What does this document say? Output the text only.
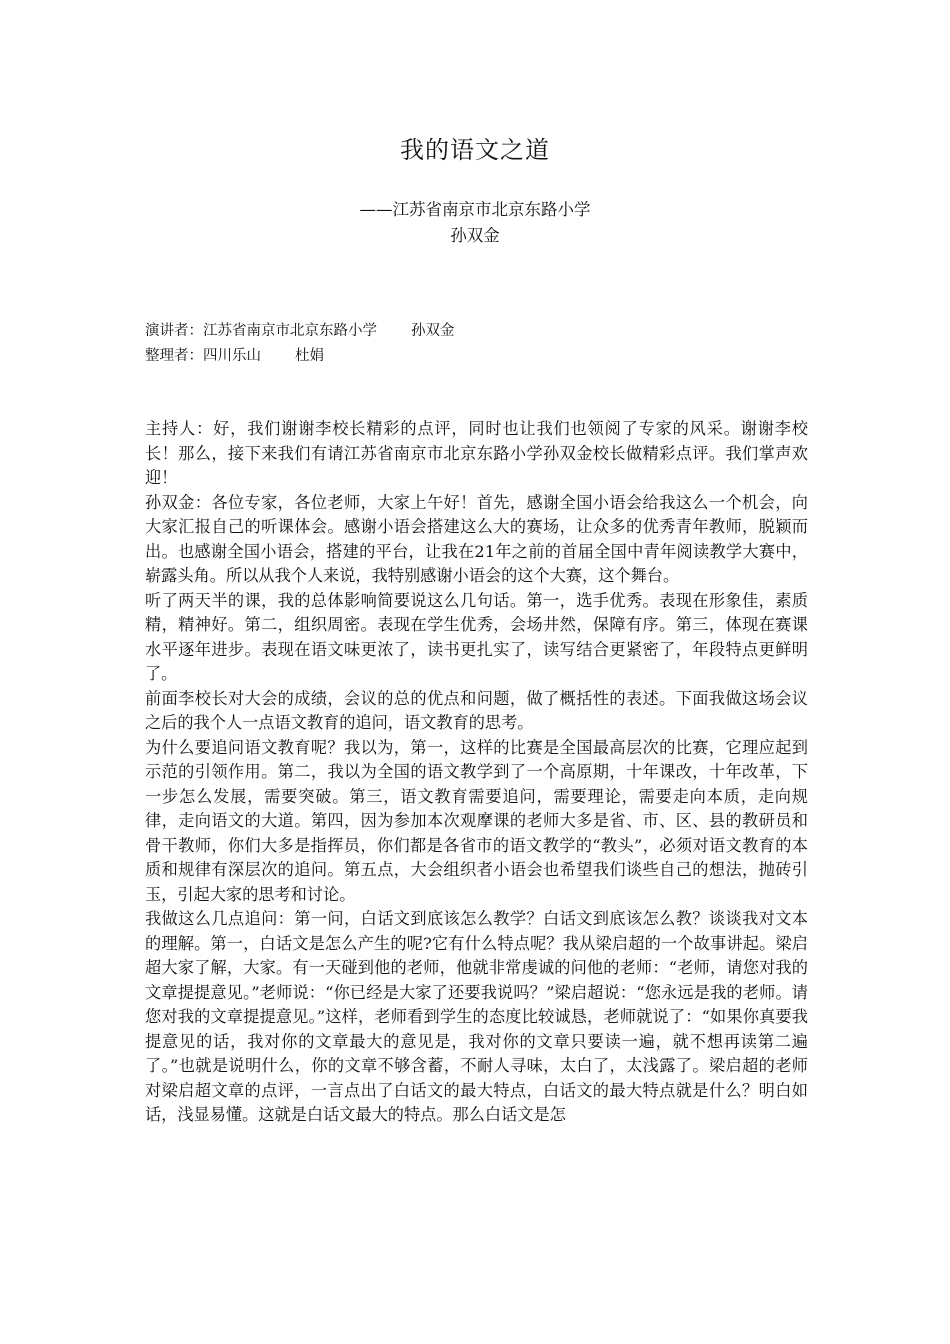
我的语文之道
——江苏省南京市北京东路小学
孙双金
演讲者：江苏省南京市北京东路小学 孙双金
整理者：四川乐山 杜娟

主持人：好，我们谢谢李校长精彩的点评，同时也让我们也领阅了专家的风采。谢谢李校长！那么，接下来我们有请江苏省南京市北京东路小学孙双金校长做精彩点评。我们掌声欢迎！

孙双金：各位专家，各位老师，大家上午好！首先，感谢全国小语会给我这么一个机会，向大家汇报自己的听课体会。感谢小语会搭建这么大的赛场，让众多的优秀青年教师，脱颖而出。也感谢全国小语会，搭建的平台，让我在21年之前的首届全国中青年阅读教学大赛中，崭露头角。所以从我个人来说，我特别感谢小语会的这个大赛，这个舞台。

听了两天半的课，我的总体影响简要说这么几句话。第一，选手优秀。表现在形象佳，素质精，精神好。第二，组织周密。表现在学生优秀，会场井然，保障有序。第三，体现在赛课水平逐年进步。表现在语文味更浓了，读书更扎实了，读写结合更紧密了，年段特点更鲜明了。

前面李校长对大会的成绩，会议的总的优点和问题，做了概括性的表述。下面我做这场会议之后的我个人一点语文教育的追问，语文教育的思考。

为什么要追问语文教育呢？我以为，第一，这样的比赛是全国最高层次的比赛，它理应起到示范的引领作用。第二，我以为全国的语文教学到了一个高原期，十年课改，十年改革，下一步怎么发展，需要突破。第三，语文教育需要追问，需要理论，需要走向本质，走向规律，走向语文的大道。第四，因为参加本次观摩课的老师大多是省、市、区、县的教研员和骨干教师，你们大多是指挥员，你们都是各省市的语文教学的“教头”，必须对语文教育的本质和规律有深层次的追问。第五点，大会组织者小语会也希望我们谈些自己的想法，抛砖引玉，引起大家的思考和讨论。

我做这么几点追问：第一问，白话文到底该怎么教学？白话文到底该怎么教？谈谈我对文本的理解。第一，白话文是怎么产生的呢?它有什么特点呢？我从梁启超的一个故事讲起。梁启超大家了解，大家。有一天碰到他的老师，他就非常虔诚的问他的老师：“老师，请您对我的文章提提意见。”老师说：“你已经是大家了还要我说吗？”梁启超说：“您永远是我的老师。请您对我的文章提提意见。”这样，老师看到学生的态度比较诚恳，老师就说了：“如果你真要我提意见的话，我对你的文章最大的意见是，我对你的文章只要读一遍，就不想再读第二遍了。”也就是说明什么，你的文章不够含蓄，不耐人寻味，太白了，太浅露了。梁启超的老师对梁启超文章的点评，一言点出了白话文的最大特点，白话文的最大特点就是什么？明白如话，浅显易懂。这就是白话文最大的特点。那么白话文是怎
